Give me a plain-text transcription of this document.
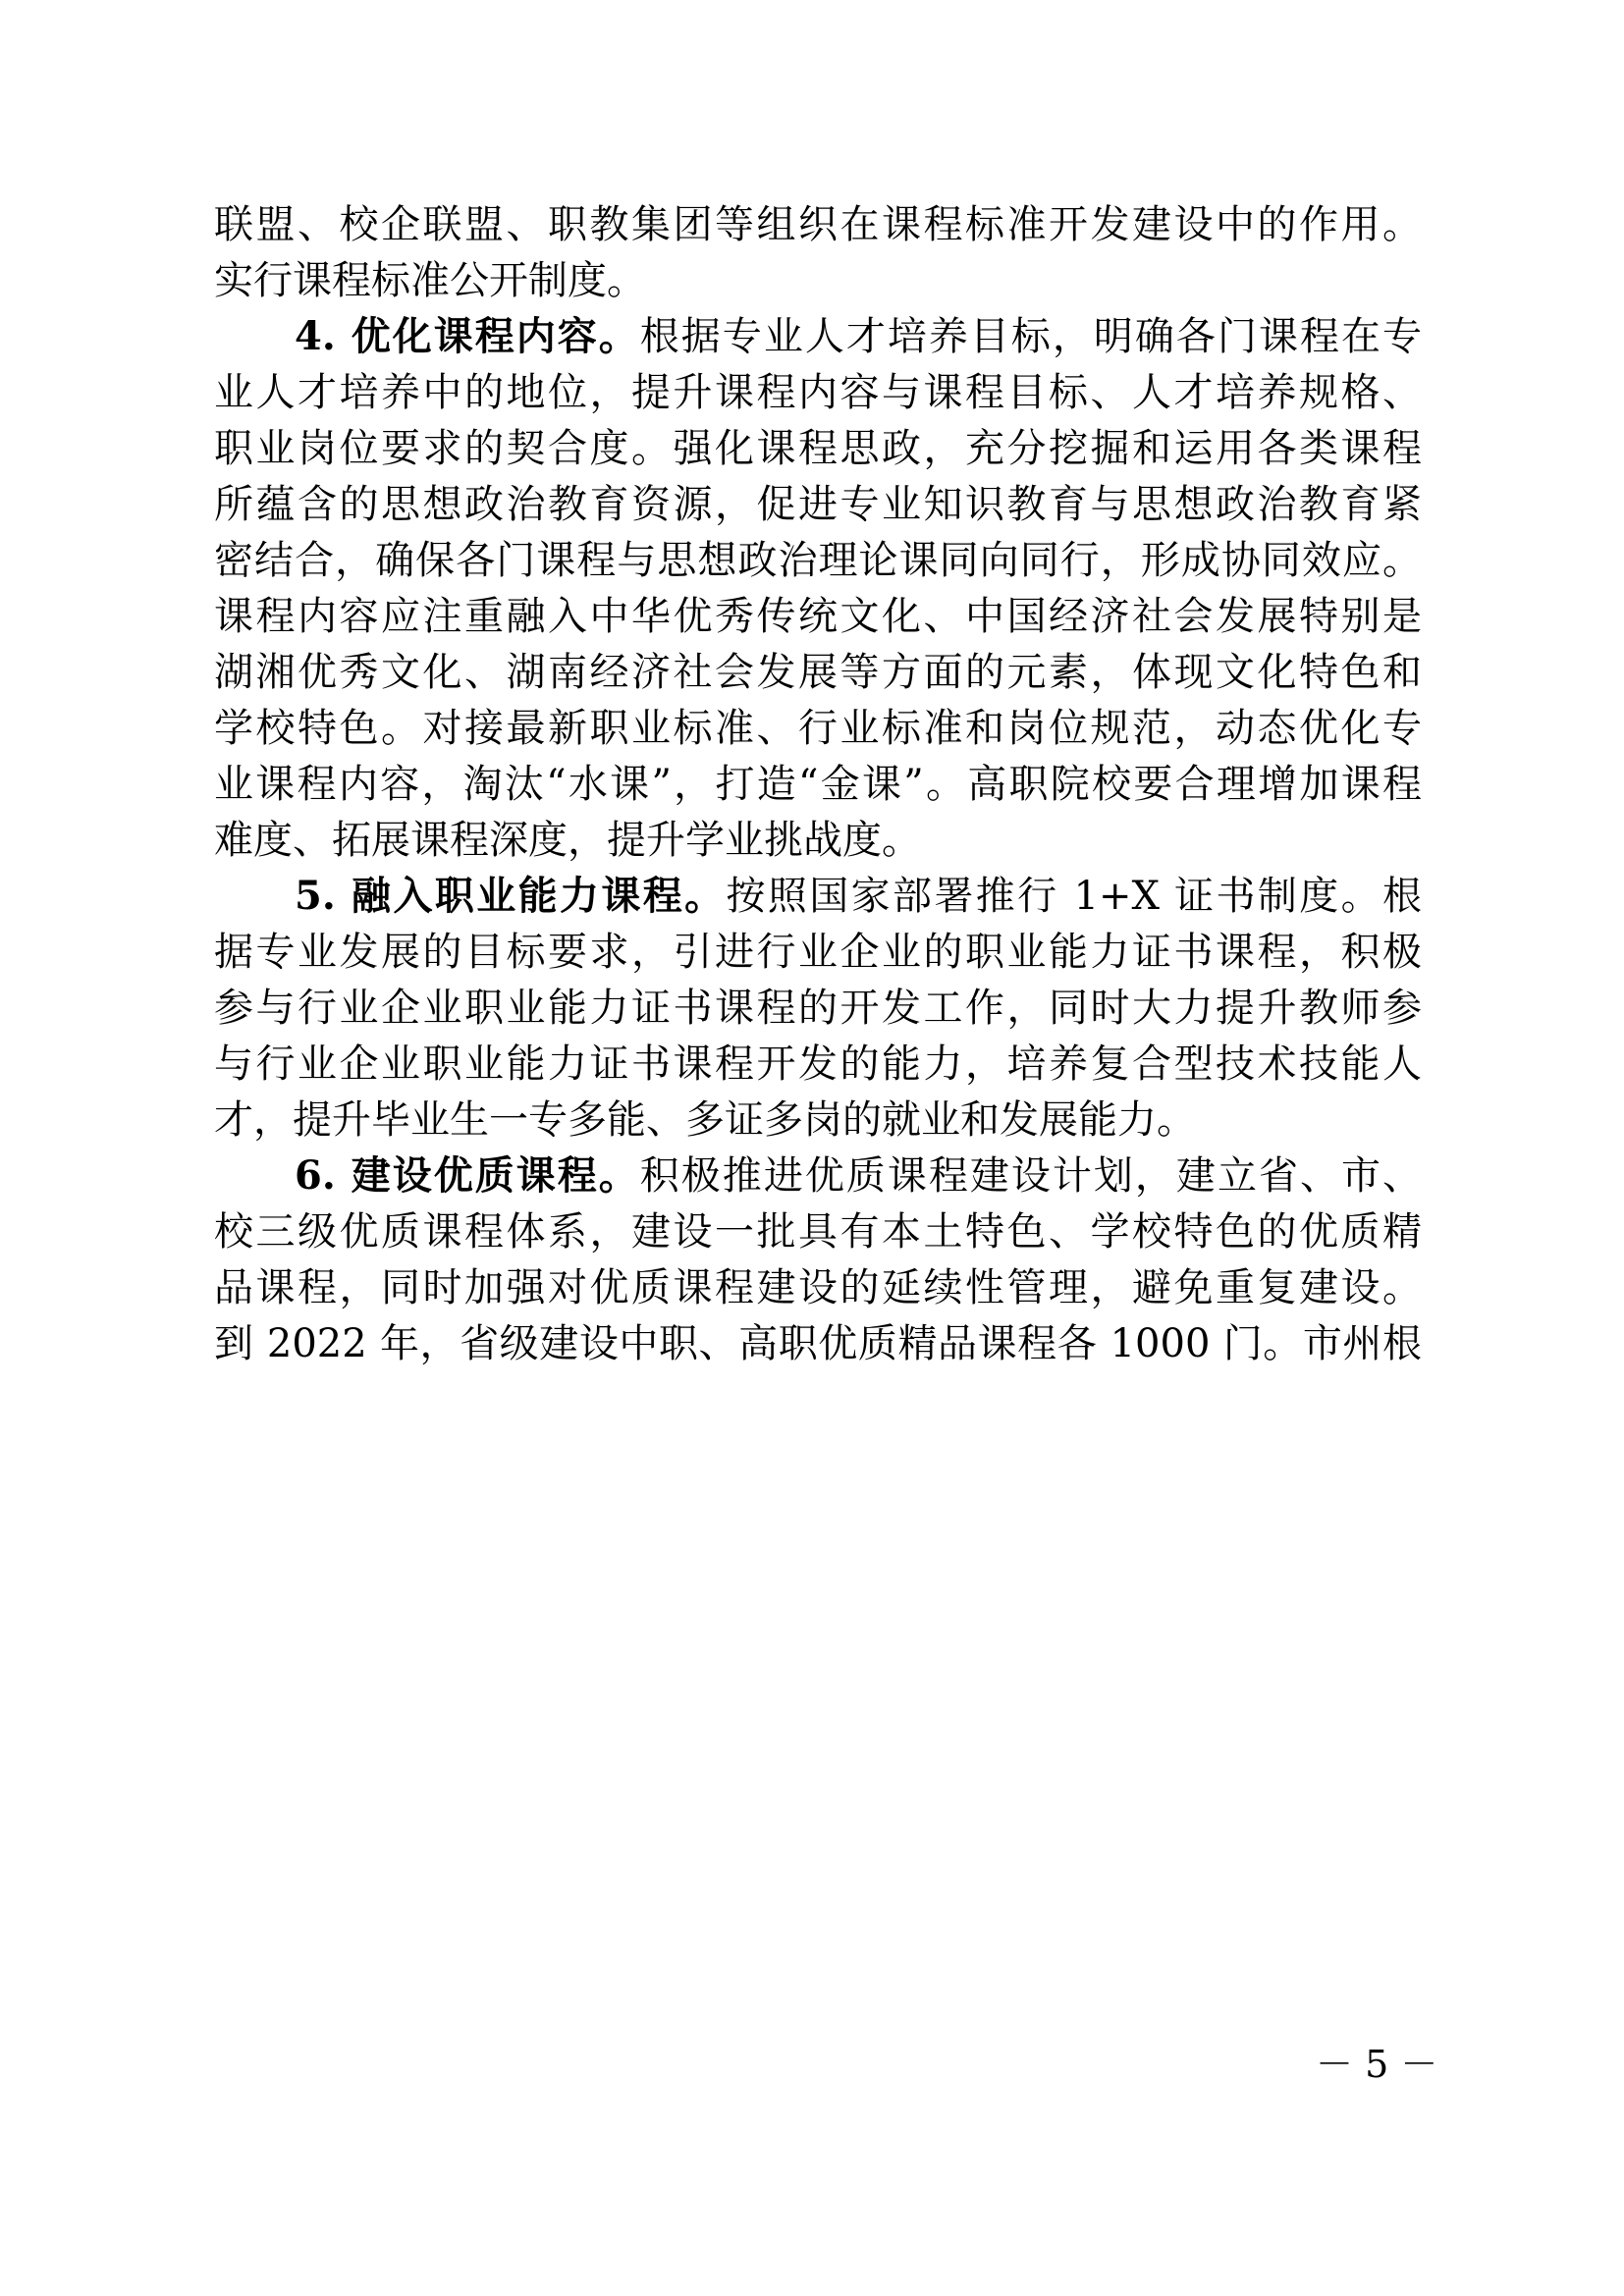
联盟、校企联盟、职教集团等组织在课程标准开发建设中的作用。
实行课程标准公开制度。
4. 优化课程内容。根据专业人才培养目标，明确各门课程在专
业人才培养中的地位，提升课程内容与课程目标、人才培养规格、
职业岗位要求的契合度。强化课程思政，充分挖掘和运用各类课程
所蕴含的思想政治教育资源，促进专业知识教育与思想政治教育紧
密结合，确保各门课程与思想政治理论课同向同行，形成协同效应。
课程内容应注重融入中华优秀传统文化、中国经济社会发展特别是
湖湘优秀文化、湖南经济社会发展等方面的元素，体现文化特色和
学校特色。对接最新职业标准、行业标准和岗位规范，动态优化专
业课程内容，淘汰“水课”，打造“金课”。高职院校要合理增加课程
难度、拓展课程深度，提升学业挑战度。
5. 融入职业能力课程。按照国家部署推行 1+X 证书制度。根
据专业发展的目标要求，引进行业企业的职业能力证书课程，积极
参与行业企业职业能力证书课程的开发工作，同时大力提升教师参
与行业企业职业能力证书课程开发的能力，培养复合型技术技能人
才，提升毕业生一专多能、多证多岗的就业和发展能力。
6. 建设优质课程。积极推进优质课程建设计划，建立省、市、
校三级优质课程体系，建设一批具有本土特色、学校特色的优质精
品课程，同时加强对优质课程建设的延续性管理，避免重复建设。
到 2022 年，省级建设中职、高职优质精品课程各 1000 门。市州根
－ 5 －
